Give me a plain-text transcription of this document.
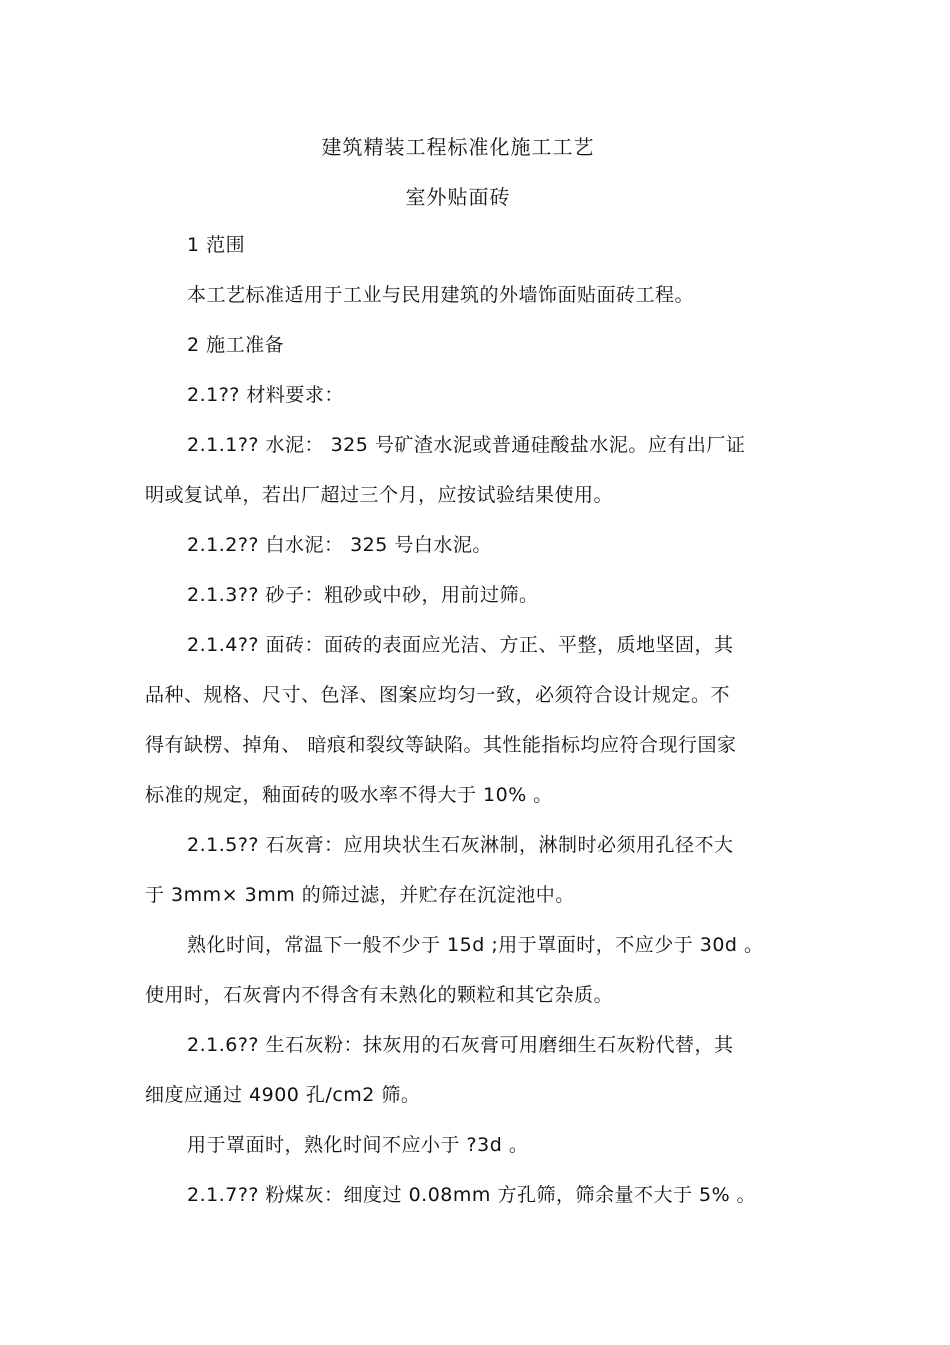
建筑精装工程标准化施工工艺
室外贴面砖
1 范围
本工艺标准适用于工业与民用建筑的外墙饰面贴面砖工程。
2 施工准备
2.1?? 材料要求：
2.1.1?? 水泥： 325 号矿渣水泥或普通硅酸盐水泥。应有出厂证
明或复试单，若出厂超过三个月，应按试验结果使用。
2.1.2?? 白水泥： 325 号白水泥。
2.1.3?? 砂子：粗砂或中砂，用前过筛。
2.1.4?? 面砖：面砖的表面应光洁、方正、平整，质地坚固，其
品种、规格、尺寸、色泽、图案应均匀一致，必须符合设计规定。不
得有缺楞、掉角、 暗痕和裂纹等缺陷。其性能指标均应符合现行国家
标准的规定，釉面砖的吸水率不得大于 10% 。
2.1.5?? 石灰膏：应用块状生石灰淋制，淋制时必须用孔径不大
于 3mm× 3mm 的筛过滤，并贮存在沉淀池中。
熟化时间，常温下一般不少于 15d ;用于罩面时，不应少于 30d 。
使用时，石灰膏内不得含有未熟化的颗粒和其它杂质。
2.1.6?? 生石灰粉：抹灰用的石灰膏可用磨细生石灰粉代替，其
细度应通过 4900 孔/cm2 筛。
用于罩面时，熟化时间不应小于 ?3d 。
2.1.7?? 粉煤灰：细度过 0.08mm 方孔筛，筛余量不大于 5% 。
